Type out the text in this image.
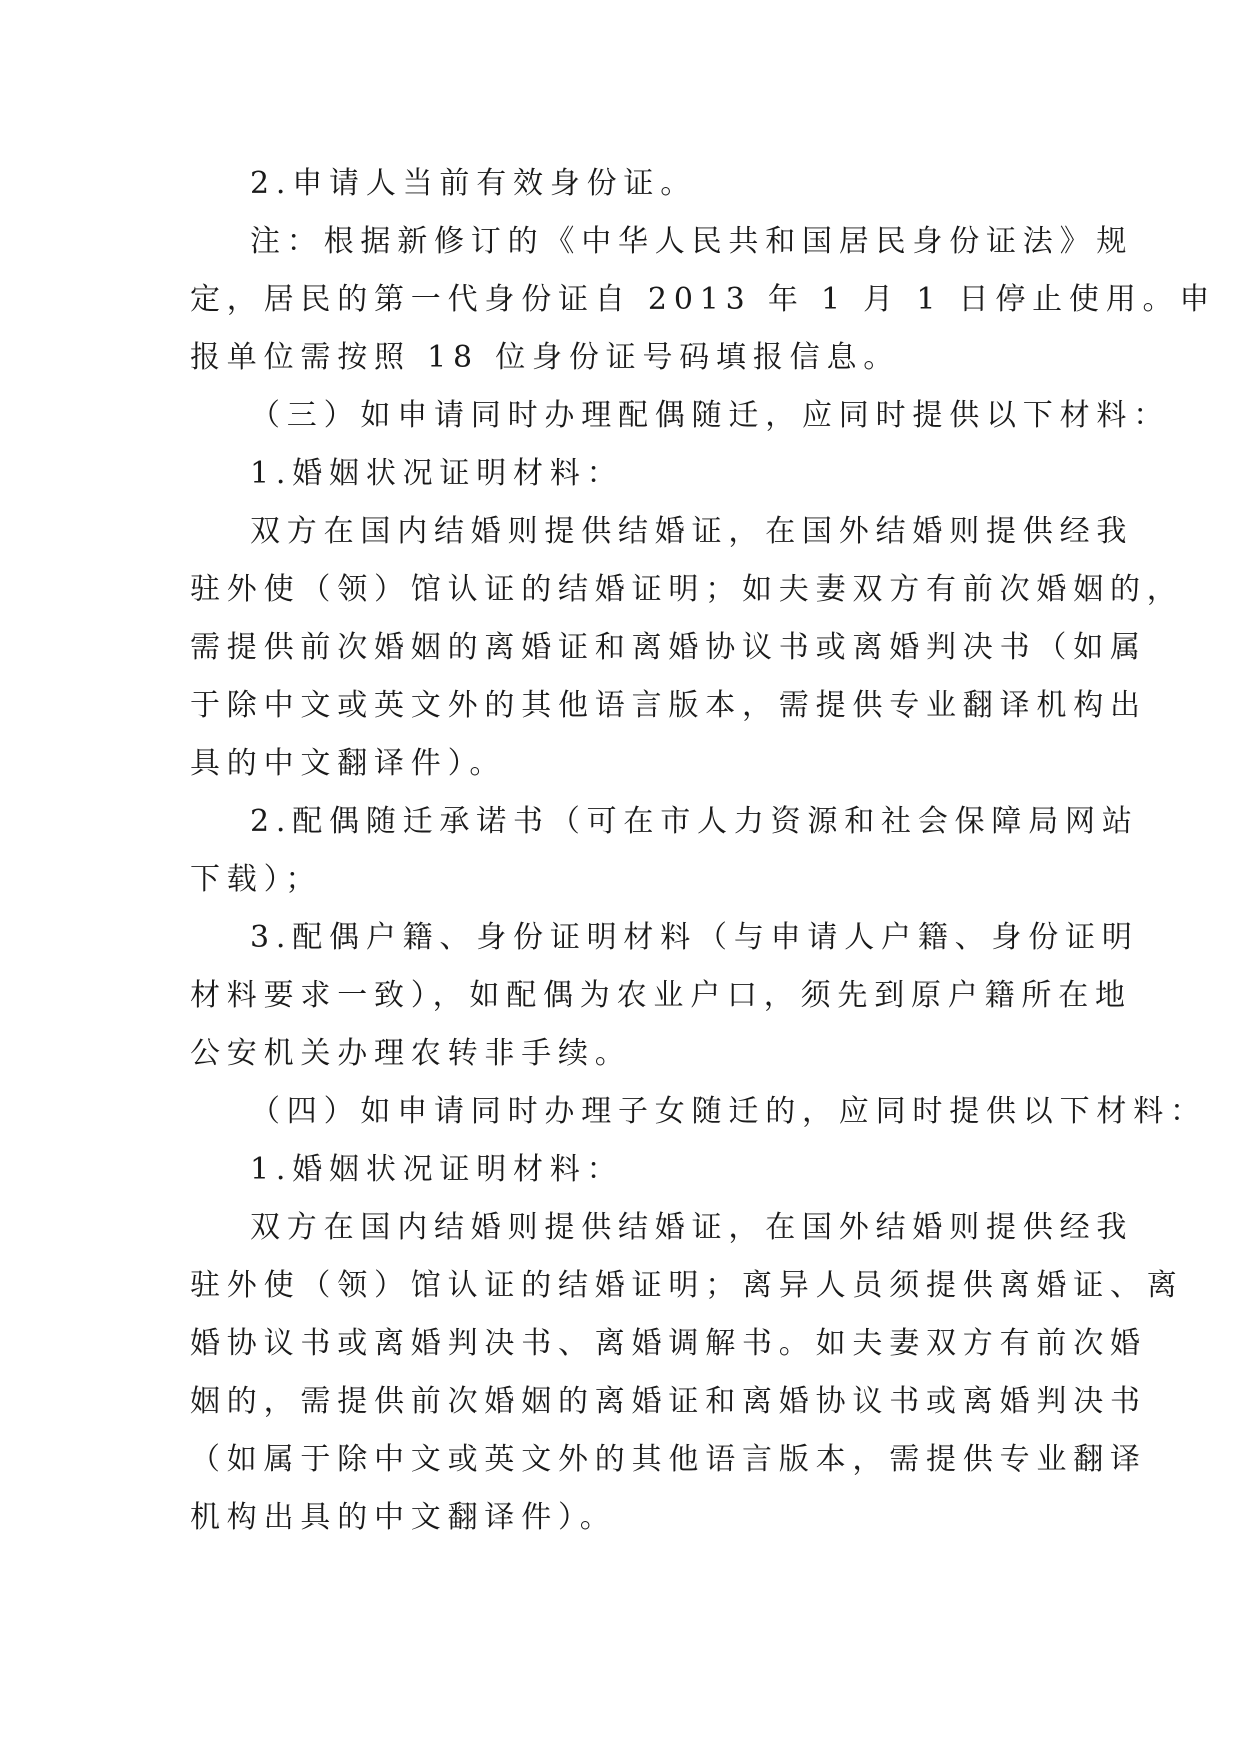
2.申请人当前有效身份证。
注：根据新修订的《中华人民共和国居民身份证法》规
定，居民的第一代身份证自 2013 年 1 月 1 日停止使用。申
报单位需按照 18 位身份证号码填报信息。
（三）如申请同时办理配偶随迁，应同时提供以下材料：
1.婚姻状况证明材料：
双方在国内结婚则提供结婚证，在国外结婚则提供经我
驻外使（领）馆认证的结婚证明；如夫妻双方有前次婚姻的，
需提供前次婚姻的离婚证和离婚协议书或离婚判决书（如属
于除中文或英文外的其他语言版本，需提供专业翻译机构出
具的中文翻译件）。
2.配偶随迁承诺书（可在市人力资源和社会保障局网站
下载）；
3.配偶户籍、身份证明材料（与申请人户籍、身份证明
材料要求一致），如配偶为农业户口，须先到原户籍所在地
公安机关办理农转非手续。
（四）如申请同时办理子女随迁的，应同时提供以下材料：
1.婚姻状况证明材料：
双方在国内结婚则提供结婚证，在国外结婚则提供经我
驻外使（领）馆认证的结婚证明；离异人员须提供离婚证、离
婚协议书或离婚判决书、离婚调解书。如夫妻双方有前次婚
姻的，需提供前次婚姻的离婚证和离婚协议书或离婚判决书
（如属于除中文或英文外的其他语言版本，需提供专业翻译
机构出具的中文翻译件）。
